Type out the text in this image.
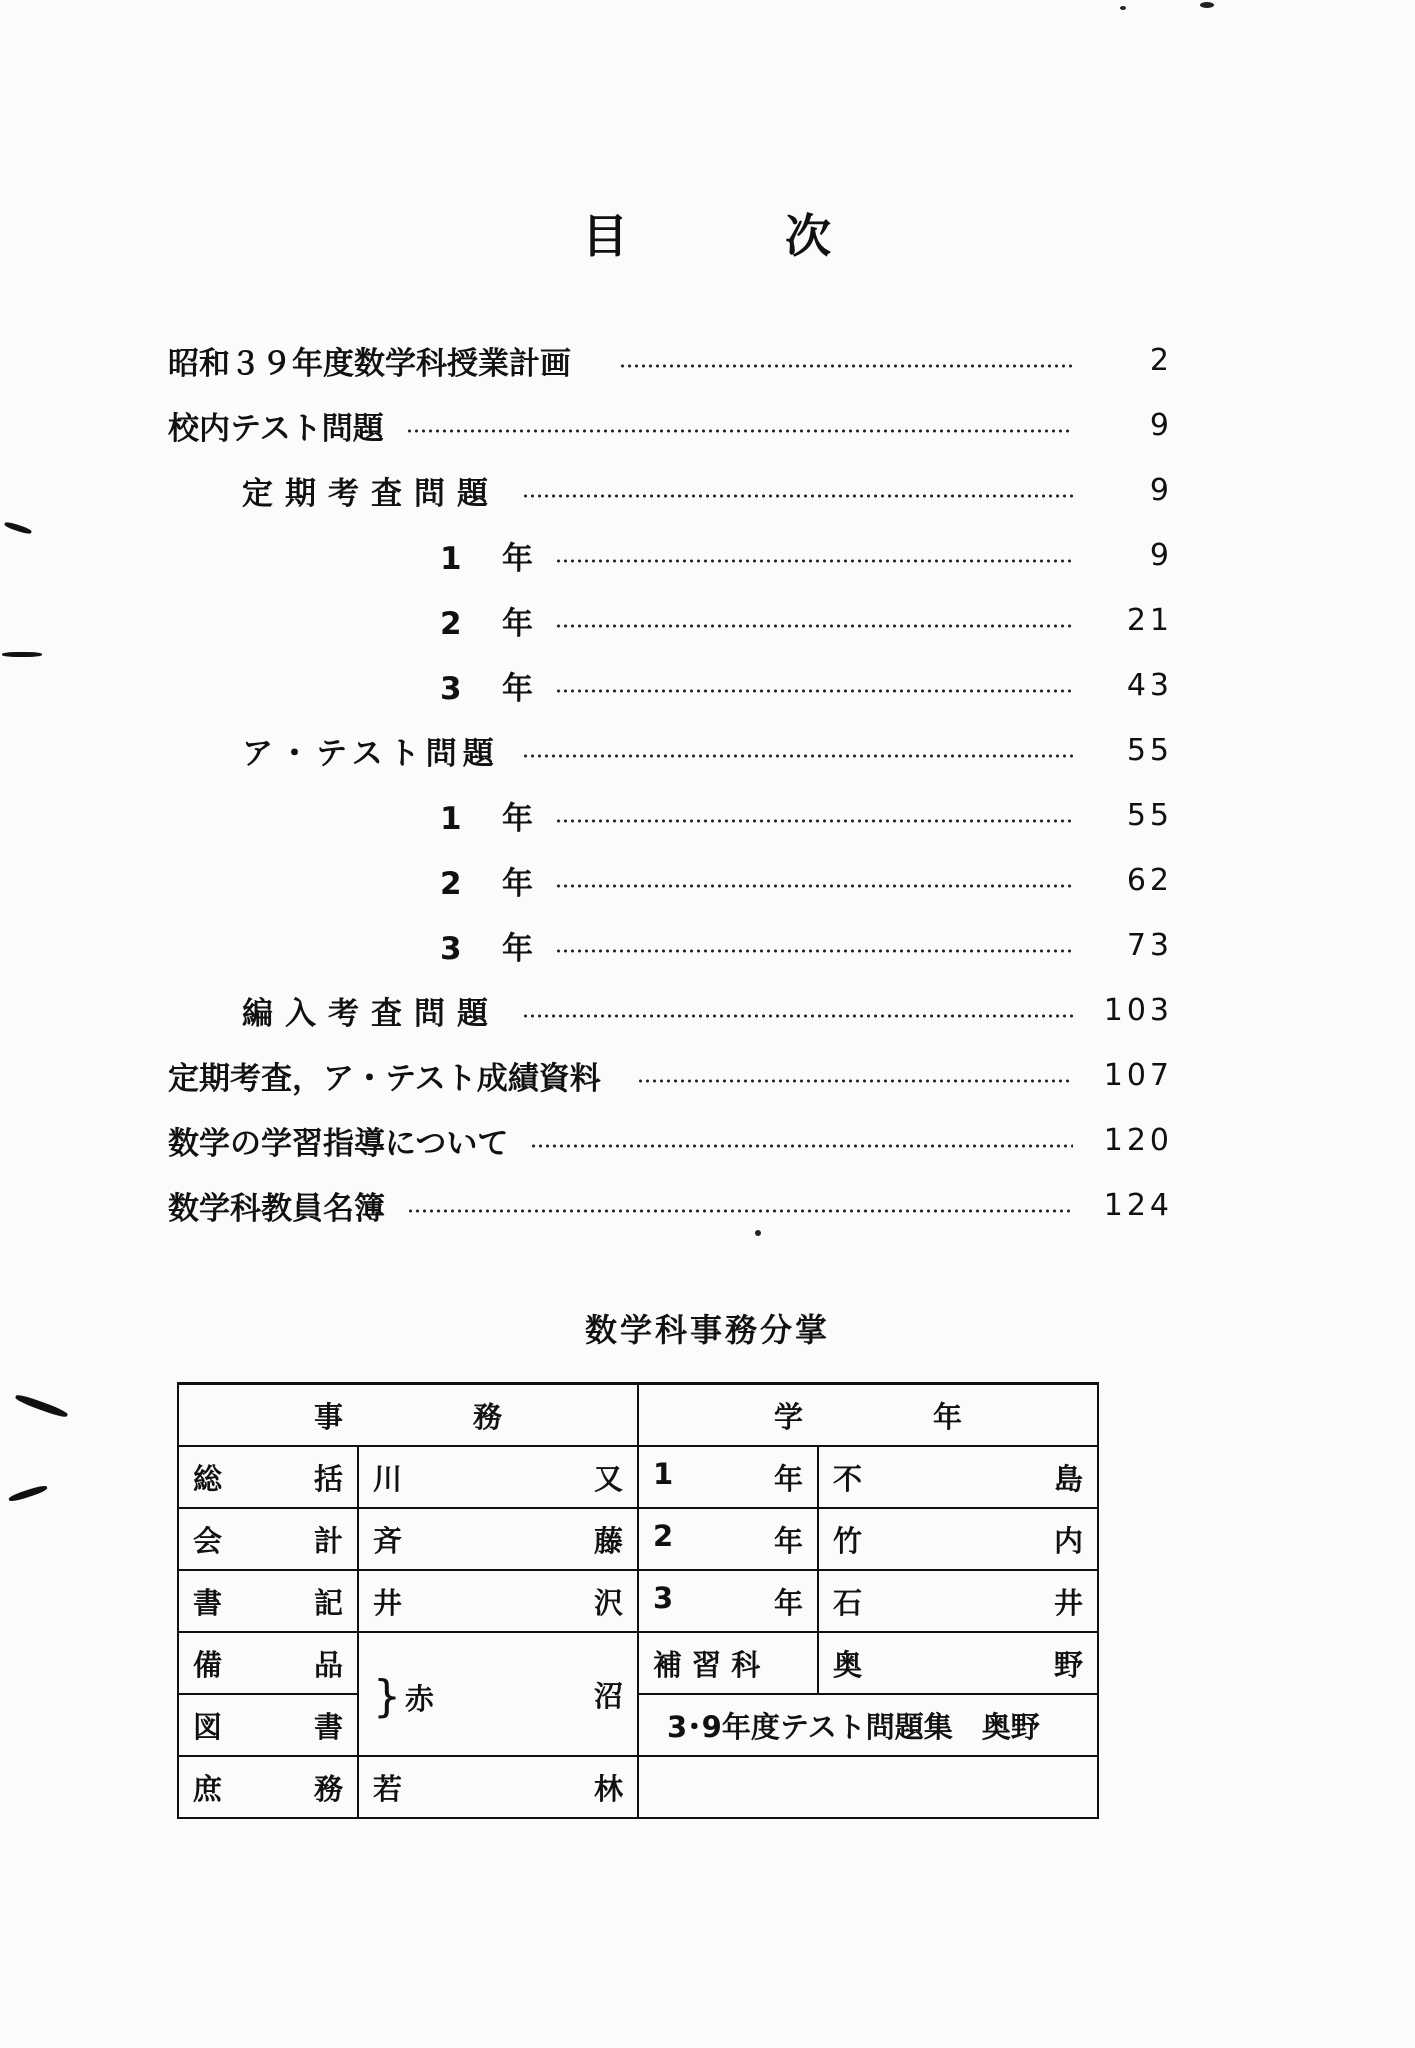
目	次
昭和３９年度数学科授業計画	2
校内テスト問題	9
定期考査問題	9
1 年	9
2 年	21
3 年	43
ア・テスト問題	55
1 年	55
2 年	62
3 年	73
編入考査問題	103
定期考査，ア・テスト成績資料	107
数学の学習指導について	120
数学科教員名簿	124
数学科事務分掌
事 務		学 年	

総 括	川 又	1 年	不 島

会 計	斉 藤	2 年	竹 内

書 記	井 沢	3 年	石 井

備 品	} 赤 沼	補 習 科	奥 野

図 書		3･9年度テスト問題集　奥野	

庶 務	若 林		
